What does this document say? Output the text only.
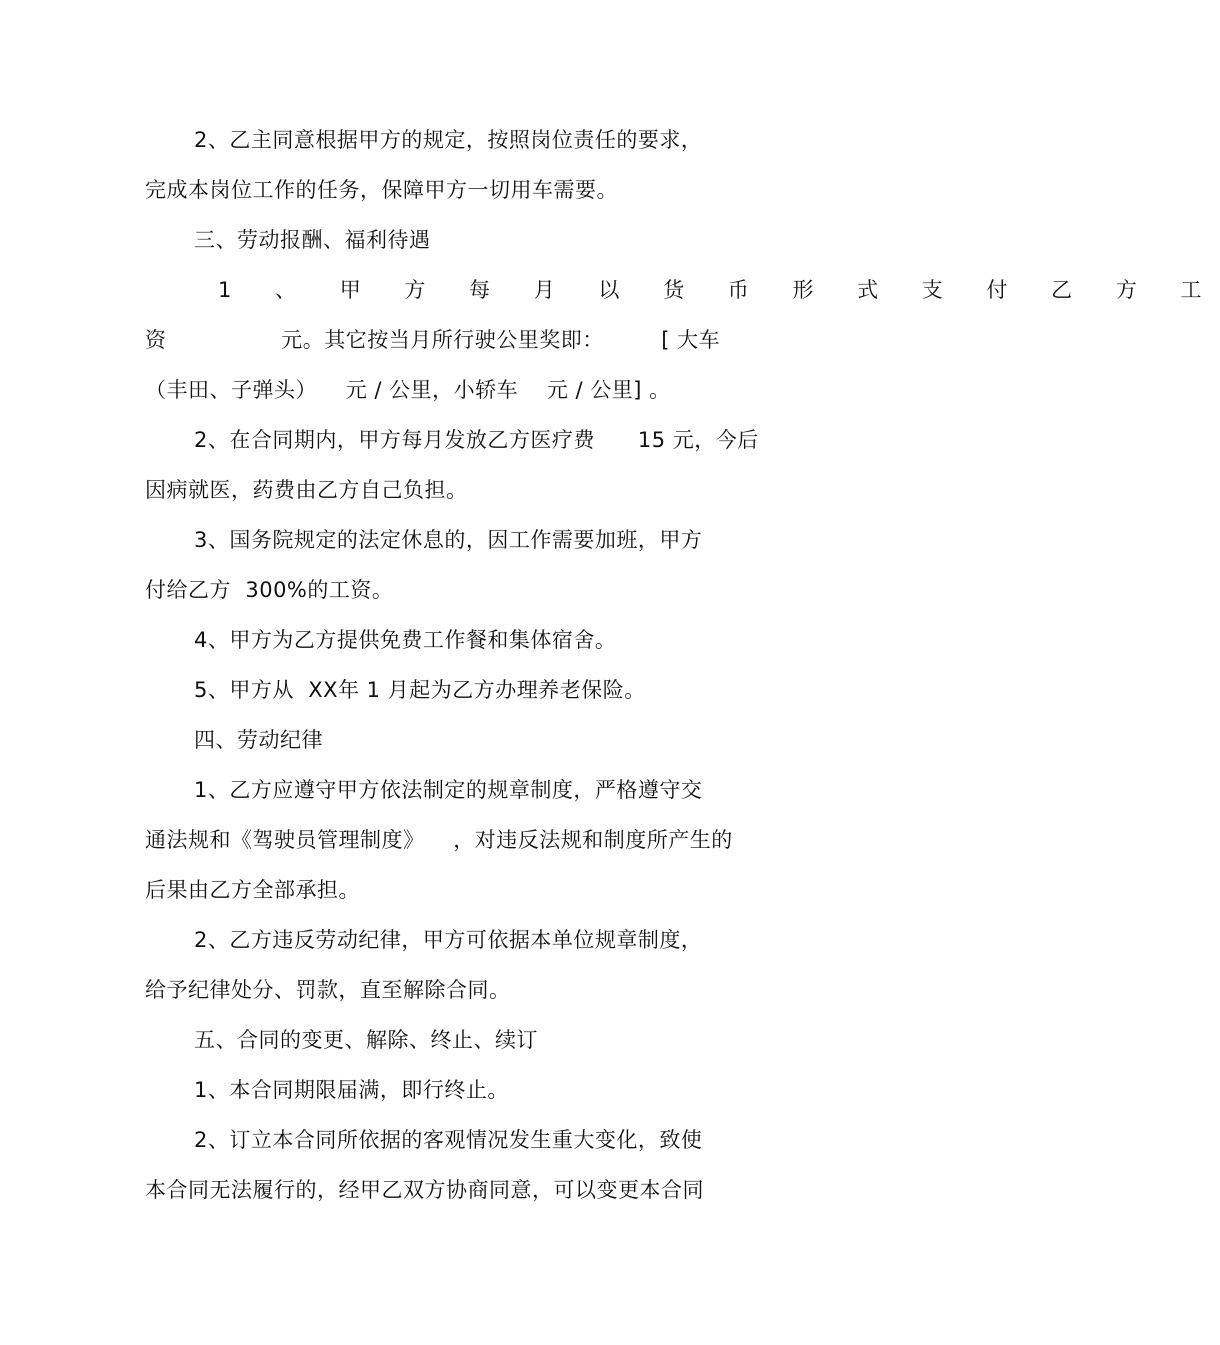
2、乙主同意根据甲方的规定，按照岗位责任的要求，
完成本岗位工作的任务，保障甲方一切用车需要。
三、劳动报酬、福利待遇
1 、 甲 方 每 月 以 货 币 形 式 支 付 乙 方 工
资                元。其它按当月所行驶公里奖即：        [ 大车
（丰田、子弹头）    元 / 公里，小轿车    元 / 公里] 。
2、在合同期内，甲方每月发放乙方医疗费      15 元，今后
因病就医，药费由乙方自己负担。
3、国务院规定的法定休息的，因工作需要加班，甲方
付给乙方  300%的工资。
4、甲方为乙方提供免费工作餐和集体宿舍。
5、甲方从  XX年 1 月起为乙方办理养老保险。
四、劳动纪律
1、乙方应遵守甲方依法制定的规章制度，严格遵守交
通法规和《驾驶员管理制度》    ，对违反法规和制度所产生的
后果由乙方全部承担。
2、乙方违反劳动纪律，甲方可依据本单位规章制度，
给予纪律处分、罚款，直至解除合同。
五、合同的变更、解除、终止、续订
1、本合同期限届满，即行终止。
2、订立本合同所依据的客观情况发生重大变化，致使
本合同无法履行的，经甲乙双方协商同意，可以变更本合同
